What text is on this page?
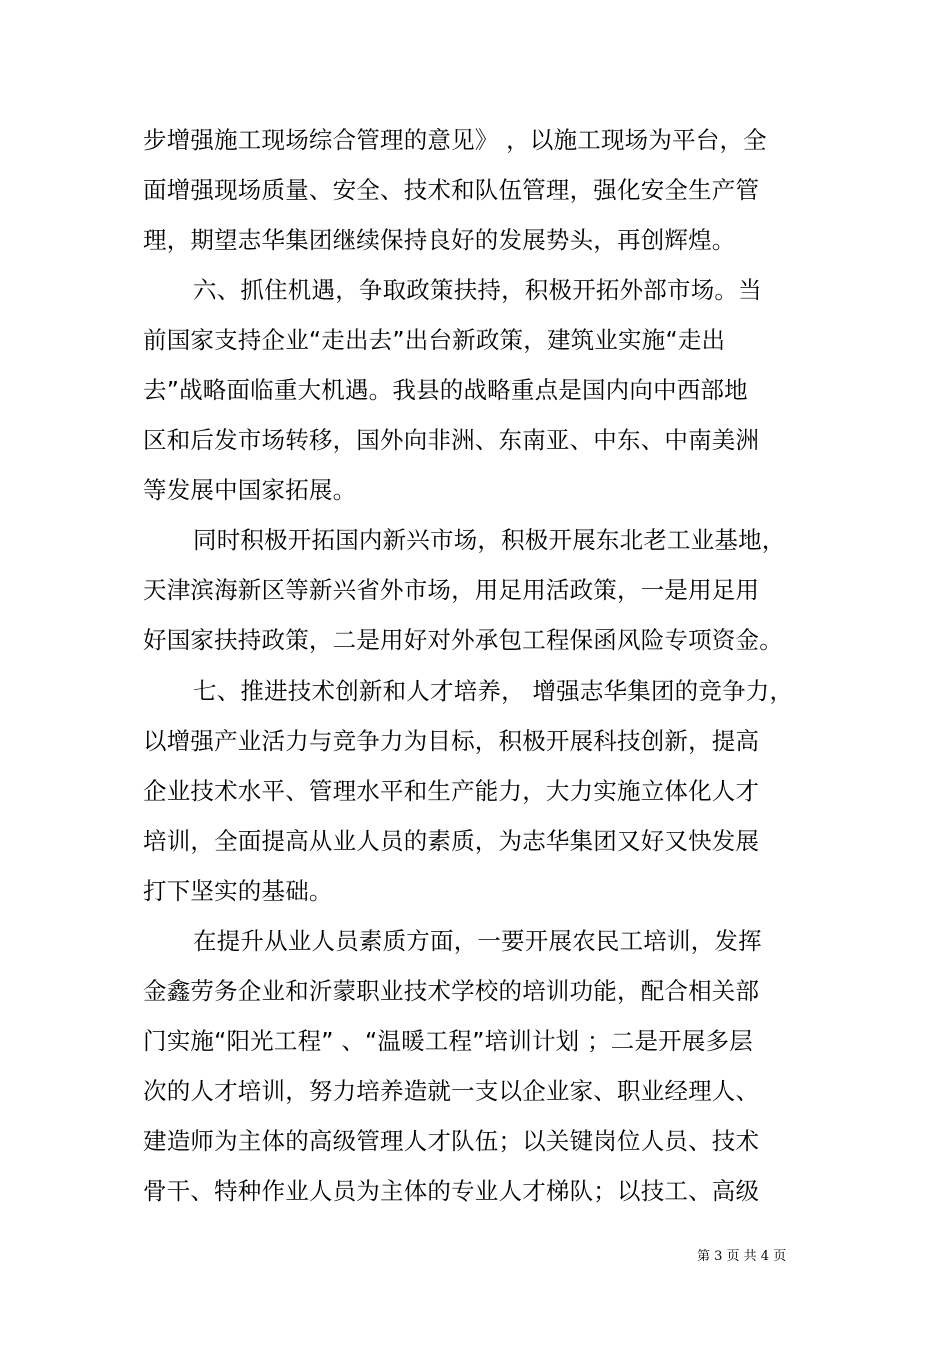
步增强施工现场综合管理的意见》 ，以施工现场为平台，全
面增强现场质量、安全、技术和队伍管理，强化安全生产管
理，期望志华集团继续保持良好的发展势头，再创辉煌。
六、抓住机遇，争取政策扶持，积极开拓外部市场。当
前国家支持企业“走出去”出台新政策，建筑业实施“走出
去”战略面临重大机遇。我县的战略重点是国内向中西部地
区和后发市场转移，国外向非洲、东南亚、中东、中南美洲
等发展中国家拓展。
同时积极开拓国内新兴市场，积极开展东北老工业基地，
天津滨海新区等新兴省外市场，用足用活政策，一是用足用
好国家扶持政策，二是用好对外承包工程保函风险专项资金。
七、推进技术创新和人才培养， 增强志华集团的竞争力，
以增强产业活力与竞争力为目标，积极开展科技创新，提高
企业技术水平、管理水平和生产能力，大力实施立体化人才
培训，全面提高从业人员的素质，为志华集团又好又快发展
打下坚实的基础。
在提升从业人员素质方面，一要开展农民工培训，发挥
金鑫劳务企业和沂蒙职业技术学校的培训功能，配合相关部
门实施“阳光工程” 、“温暖工程”培训计划 ；二是开展多层
次的人才培训，努力培养造就一支以企业家、职业经理人、
建造师为主体的高级管理人才队伍；以关键岗位人员、技术
骨干、特种作业人员为主体的专业人才梯队；以技工、高级
第 3 页 共 4 页
